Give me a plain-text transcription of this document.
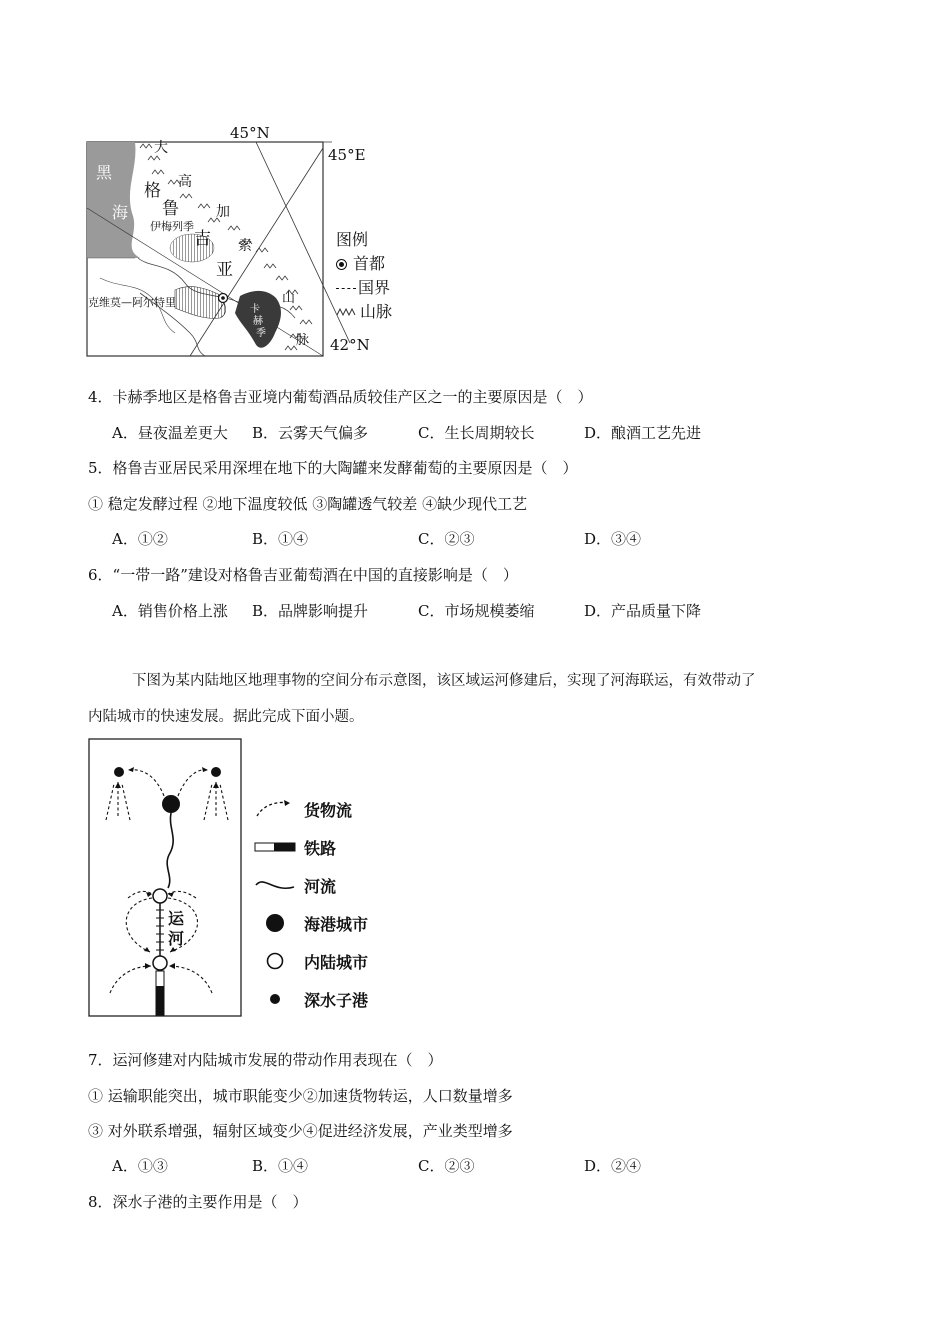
45°N
45°E
42°N
黑
海
格
鲁
吉
亚
大
高
加
索
山
脉
伊梅列季
克维莫—阿尔特里
卡
赫
季
图例
首都
国界
山脉
4．卡赫季地区是格鲁吉亚境内葡萄酒品质较佳产区之一的主要原因是（　）
A．昼夜温差更大 B．云雾天气偏多	C．生长周期较长	D．酿酒工艺先进
5．格鲁吉亚居民采用深埋在地下的大陶罐来发酵葡萄的主要原因是（　）
① 稳定发酵过程 ②地下温度较低 ③陶罐透气较差 ④缺少现代工艺
A．①②	B．①④	C．②③	D．③④
6．“一带一路”建设对格鲁吉亚葡萄酒在中国的直接影响是（　）
A．销售价格上涨 B．品牌影响提升	C．市场规模萎缩	D．产品质量下降
下图为某内陆地区地理事物的空间分布示意图，该区域运河修建后，实现了河海联运，有效带动了
内陆城市的快速发展。据此完成下面小题。
运
河
货物流
铁路
河流
海港城市
内陆城市
深水子港
7．运河修建对内陆城市发展的带动作用表现在（　）
① 运输职能突出，城市职能变少②加速货物转运，人口数量增多
③ 对外联系增强，辐射区域变少④促进经济发展，产业类型增多
A．①③	B．①④	C．②③	D．②④
8．深水子港的主要作用是（　）
